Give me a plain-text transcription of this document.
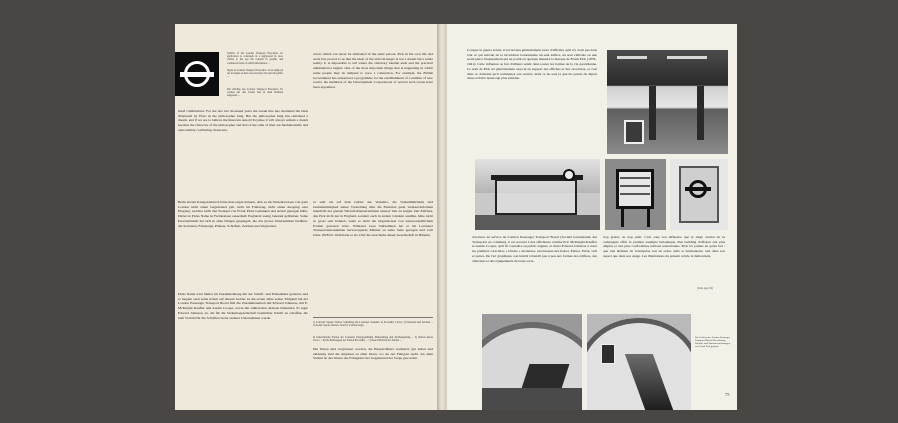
Symbol of the London Transport Executive. Its application is consistent in a signposted in case, visible to the eye the roundel in graphic and continuous form, in which information ...

Signe de London Transport Executive. Il est employé sur les lignes et dans tous les lieux d'accueil du public ...

Die Zeichen des London Transport Executive. Es werden auf den Linien und in allen Räumen eingesetzt ...

itself combination. For the last two thousand years the Greek line has cherished the ideal illustrated by Plato in the philosopher king. But the philosopher king has remained a dream, and if we are to believe the historian Arnold Toynbee it will always remain a dream because the character of the philosopher and that of the ruler of men are fundamentally and unavoidably conflicting characters.

Beim letzten Kriegsausbruch hätte man sagen können, dass es im Verkehrswesen von ganz London nicht einen Gegenstand gab, nicht im Fahrzeug, nicht einen Ausgang oder Eingang, welcher nicht den Stempel von Frank Picks Gedanken und Arbeit getragen hätte. Dabei ist Picks Name in Fachkreisen ausserhalb Englands wenig bekannt geblieben. Seine Persönlichkeit hat sich in allen Dingen gespiegelt, die das grosse Unternehmen berührte: die Stationen, Fahrzeuge, Plakate, Schriften, Zeichen und Wegweiser.

Picks Name wird immer im Zusammenhang mit der Schrift- und Plakatkunst genannt, und er begann auch seine Arbeit auf diesem Gebiet. In die ersten Jahre seiner Tätigkeit bei der London Passenger Transport Board fällt die Zusammenarbeit mit Edward Johnston, mit E. McKnight Kauffer und Austin Cooper, sowie mit zahlreichen anderen Künstlern. Er regte Edward Johnston an, die für die Verkehrsgesellschaft bestimmte Schrift zu schaffen, die zum Vorbild für die Schriften vieler anderer Unternehmen wurde.

actors which can never be embodied in the same person. Pick in his own life and work has proved to us that the ideal of the artist manager is not a dream but a noble reality. It is impossible to tell where the visionary idealist ends and the practical administrator begins. One of the most important things that is happening in which some people may be tempted to trace a connection. For example, the British Government has announced a programme for the establishment of a number of new towns; the members of the Development Corporations of several such towns have been appointed.

so sehr als auf dem Gebiet des Verkehrs, die Volkstümlichkeit und Gemeinnützigkeit seiner Vorstellung über die Funktion guter Gebrauchsformen innerhalb der ganzen Wirtschaftsunternehmen unserer Zeit zu zeigen. Der Einfluss, den Pick nicht nur in England, sondern auch in andern Ländern ausübte, hätte nicht so gross sein können, wenn er nicht die Organisation von ausserordentlichem Format gewesen wäre. Während zwei Jahrzehnten hat er im Londoner Transportunternehmen hervorragende Männer an seine Seite gezogen und vom Jahre 1928 bis 1940 hatte er als Chef die Geschicke dieser Gesellschaft in Händen.

1) Leicester Square Station, Schriftzug des Londoner Verkehrs. 2) Piccadilly Circus. 3) Stationen und Zeichen ... Leicester Square Station, detail of a lettered sign.

4) Unterirdische Station der Londoner Untergrundbahn, Beleuchtung und Zeichengebung ... 5) Station Arnos Grove ... 6) Die Rolltreppen der Station Piccadilly ... 7) Neue Plattform der Station ...

Die Uhren sind vergrössert worden, die Hauptschilder verändert; gut lesbar und eindeutig sind die Angaben an allen Orten, wo sie der Fahrgast sucht. An allen Stellen ist das Wesen des Fahrgastes der Gegenstand der Sorge geworden.

Lorsque la guerre éclata, il est devenu généralement exact d'affirmer qu'il n'y avait pas dans tout ce qui relevait de la circulation londonienne un seul édifice, un seul véhicule ou une seule pièce d'équipement qui ne portât en quelque manière la marque de Frank Pick (1878–1941). Cette influence se fait d'ailleurs sentir dans toutes les formes de la vie quotidienne. Le nom de Pick est généralement associé au support des affiches et des caractères, et c'est dans ce domaine qu'il commença son oeuvre; mais ce ne sont là que les points de départ d'une activité beaucoup plus étendue.

d'oeuvrer au service du London Passenger Transport Board (Société londonienne des Transports en commun), il est recouru à des affichistes comme Eric McKnight-Kauffer et Austin Cooper, qu'il fit connaître au public anglais, et invita Edward Johnston à créer les premiers caractères « bâtons » modernes, précurseurs des Kabel, Futura, Erbar, Gill et autres. De l'art graphique, son intérêt s'étendit peu à peu aux formes des édifices, des véhicules et des équipements de toute sorte.

trop grand, ou trop petit. C'est sous son influence que le siège central de sa compagnie offrit le premier exemple britannique d'un building d'affaires aux plus amples et aux plus confortables stations souterraines. Pick n'a jamais eu qu'un but : que tout élément de l'entreprise soit en ordre, utile et harmonieux, tant dans son aspect que dans son usage. Les illustrations du présent article le démontrent.

(Suite page 84)

Die Zeichen der London Passenger Transport Board: Beleuchtung, Schilder und Stationseinrichtungen, von Frank Pick geplant.

75
